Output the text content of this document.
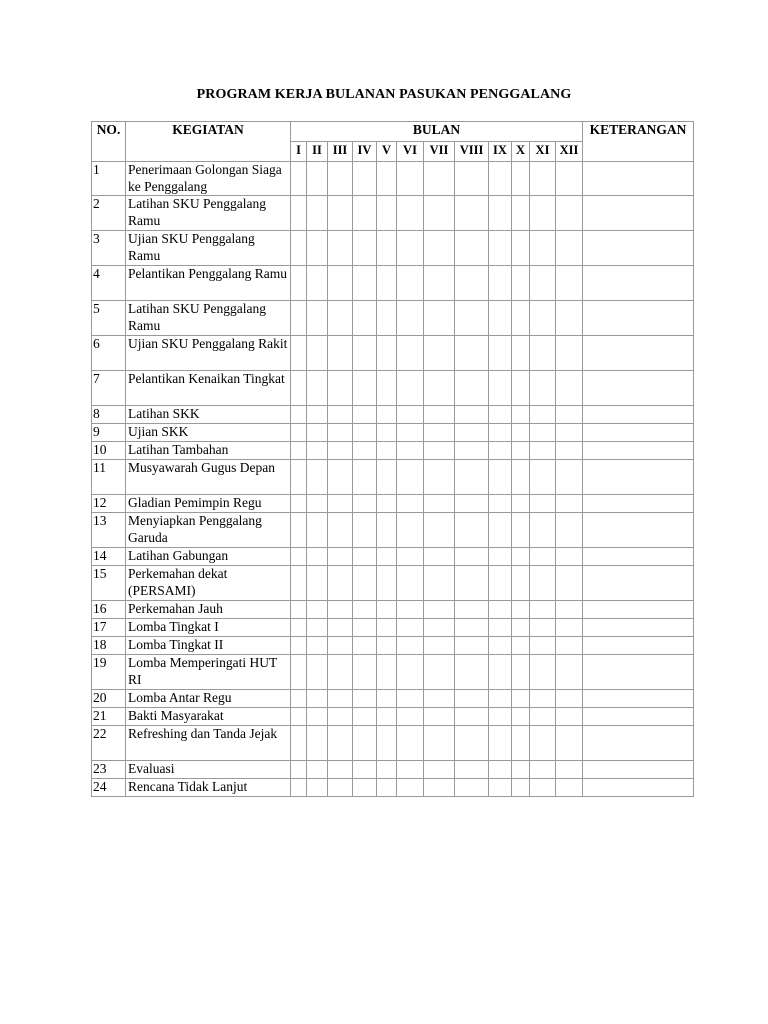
PROGRAM KERJA BULANAN PASUKAN PENGGALANG
NO.	KEGIATAN	BULAN												KETERANGAN
		I	II	III	IV	V	VI	VII	VIII	IX	X	XI	XII	
1	Penerimaan Golongan Siaga ke Penggalang													
2	Latihan SKU Penggalang Ramu													
3	Ujian SKU Penggalang Ramu													
4	Pelantikan Penggalang Ramu													
5	Latihan SKU Penggalang Ramu													
6	Ujian SKU Penggalang Rakit													
7	Pelantikan Kenaikan Tingkat													
8	Latihan SKK													
9	Ujian SKK													
10	Latihan Tambahan													
11	Musyawarah Gugus Depan													
12	Gladian Pemimpin Regu													
13	Menyiapkan Penggalang Garuda													
14	Latihan Gabungan													
15	Perkemahan dekat (PERSAMI)													
16	Perkemahan Jauh													
17	Lomba Tingkat I													
18	Lomba Tingkat II													
19	Lomba Memperingati HUT RI													
20	Lomba Antar Regu													
21	Bakti Masyarakat													
22	Refreshing dan Tanda Jejak													
23	Evaluasi													
24	Rencana Tidak Lanjut													
